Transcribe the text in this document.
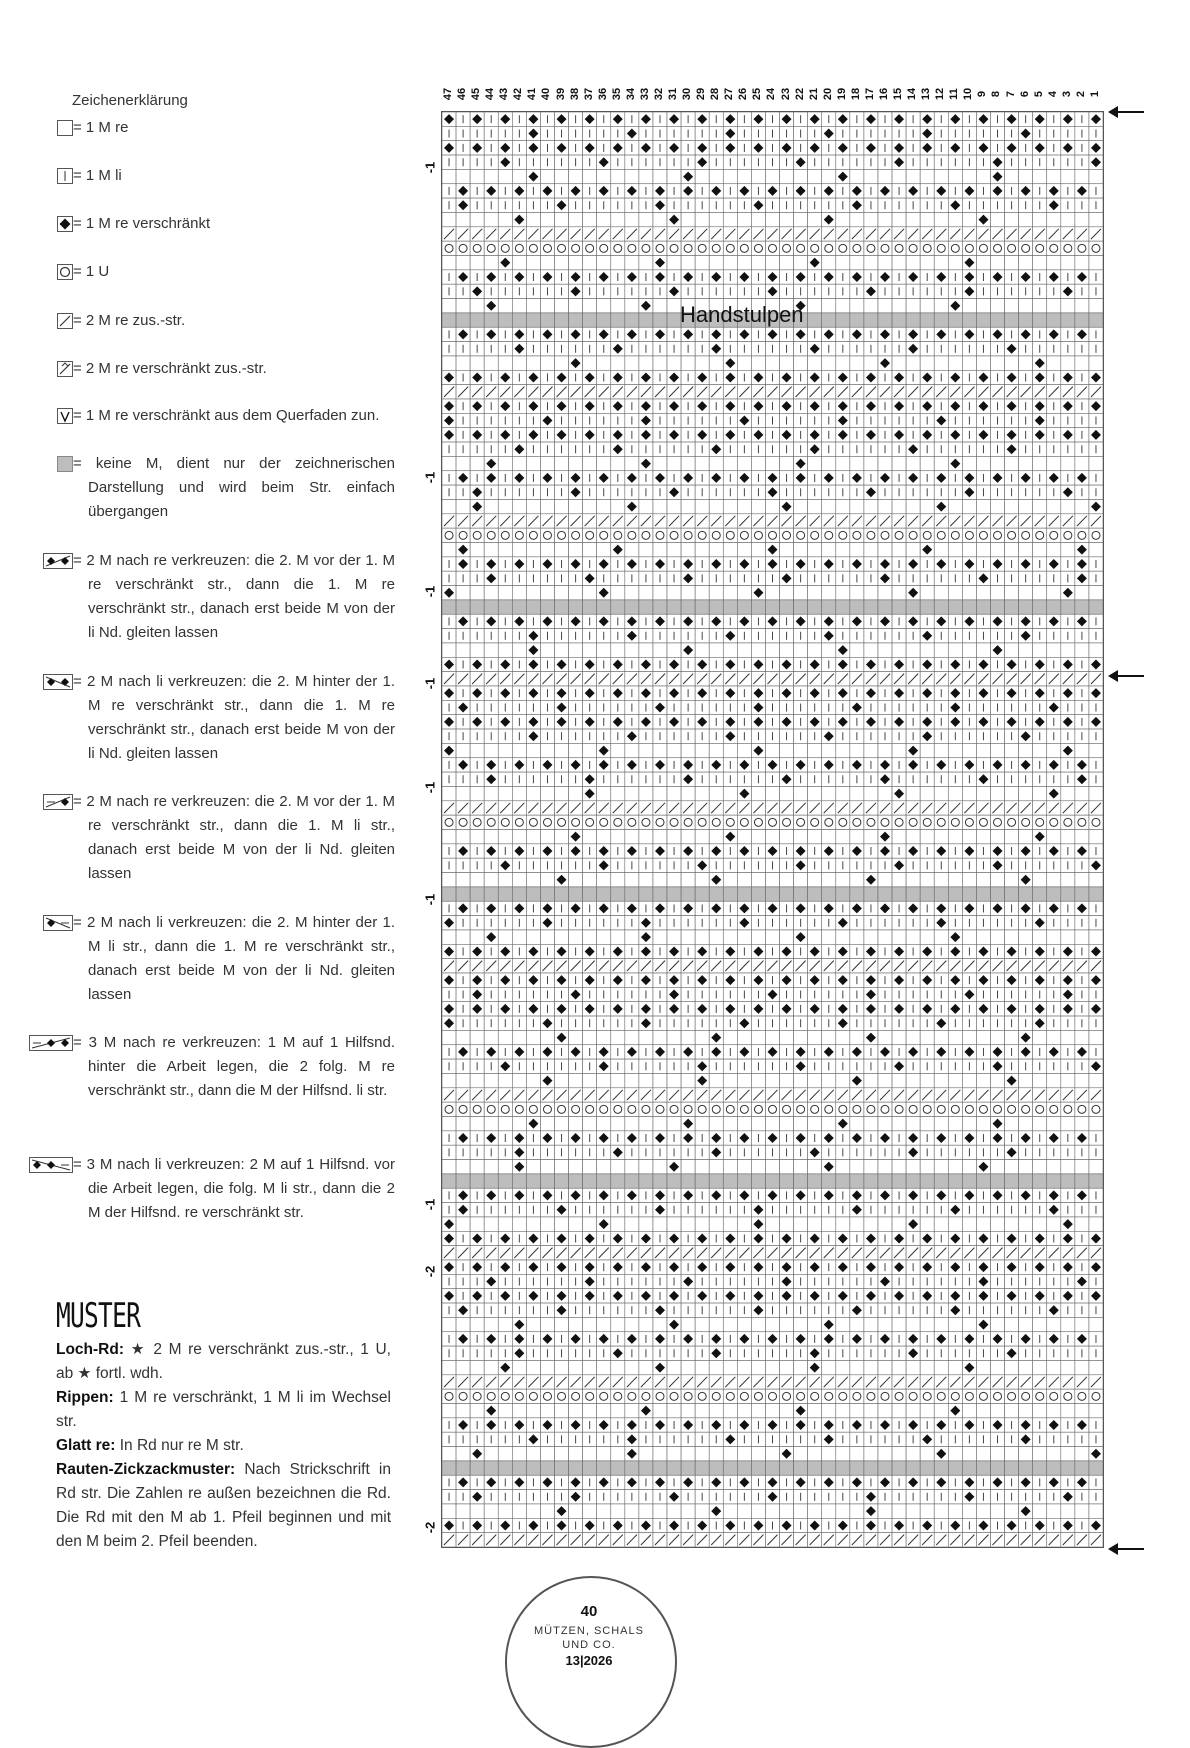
Zeichenerklärung
= 1 M re
= 1 M li
= 1 M re verschränkt
= 1 U
= 2 M re zus.-str.
= 2 M re verschränkt zus.-str.
= 1 M re verschränkt aus dem Querfaden zun.
= keine M, dient nur der zeichnerischen Darstellung und wird beim Str. einfach übergangen
= 2 M nach re verkreuzen: die 2. M vor der 1. M re verschränkt str., dann die 1. M re verschränkt str., danach erst beide M von der li Nd. gleiten lassen
= 2 M nach li verkreuzen: die 2. M hinter der 1. M re verschränkt str., dann die 1. M re verschränkt str., danach erst beide M von der li Nd. gleiten lassen
= 2 M nach re verkreuzen: die 2. M vor der 1. M re verschränkt str., dann die 1. M li str., danach erst beide M von der li Nd. gleiten lassen
= 2 M nach li verkreuzen: die 2. M hinter der 1. M li str., dann die 1. M re verschränkt str., danach erst beide M von der li Nd. gleiten lassen
= 3 M nach re verkreuzen: 1 M auf 1 Hilfsnd. hinter die Arbeit legen, die 2 folg. M re verschränkt str., dann die M der Hilfsnd. li str.
= 3 M nach li verkreuzen: 2 M auf 1 Hilfsnd. vor die Arbeit legen, die folg. M li str., dann die 2 M der Hilfsnd. re verschränkt str.
MUSTER
Loch-Rd: ★ 2 M re verschränkt zus.-str., 1 U, ab ★ fortl. wdh.
Rippen: 1 M re verschränkt, 1 M li im Wechsel str.
Glatt re: In Rd nur re M str.
Rauten-Zickzackmuster: Nach Strickschrift in Rd str. Die Zahlen re außen bezeichnen die Rd. Die Rd mit den M ab 1. Pfeil beginnen und mit den M beim 2. Pfeil beenden.
47 46 45 44 43 42 41 40 39 38 37 36 35 34 33 32 31 30 29 28 27 26 25 24 23 22 21 20 19 18 17 16 15 14 13 12 11 10 9 8 7 6 5 4 3 2 1
Handstulpen
-1
-1
-1
-1
-1
-1
-1
-2
-2
40
MÜTZEN, SCHALS
UND CO.
13|2026
